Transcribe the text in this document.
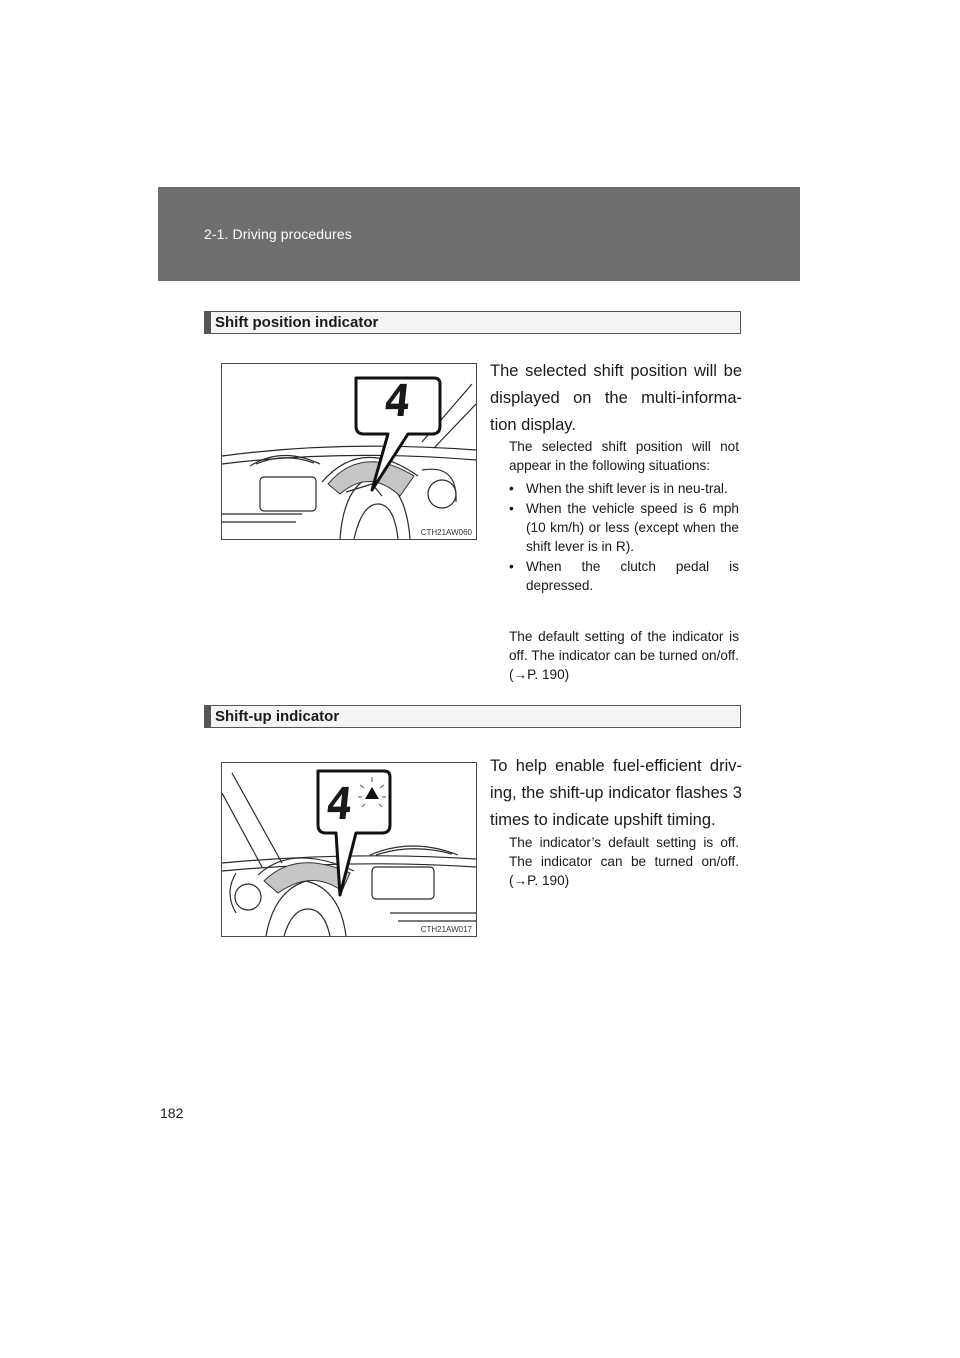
2-1. Driving procedures
Shift position indicator
4
CTH21AW060
The selected shift position will be displayed on the multi-informa-tion display.
The selected shift position will not appear in the following situations:
• When the shift lever is in neu-tral.
• When the vehicle speed is 6 mph (10 km/h) or less (except when the shift lever is in R).
• When the clutch pedal is depressed.
The default setting of the indicator is off. The indicator can be turned on/off. (→P. 190)
Shift-up indicator
4
CTH21AW017
To help enable fuel-efficient driv-ing, the shift-up indicator flashes 3 times to indicate upshift timing.
The indicator’s default setting is off. The indicator can be turned on/off. (→P. 190)
182
